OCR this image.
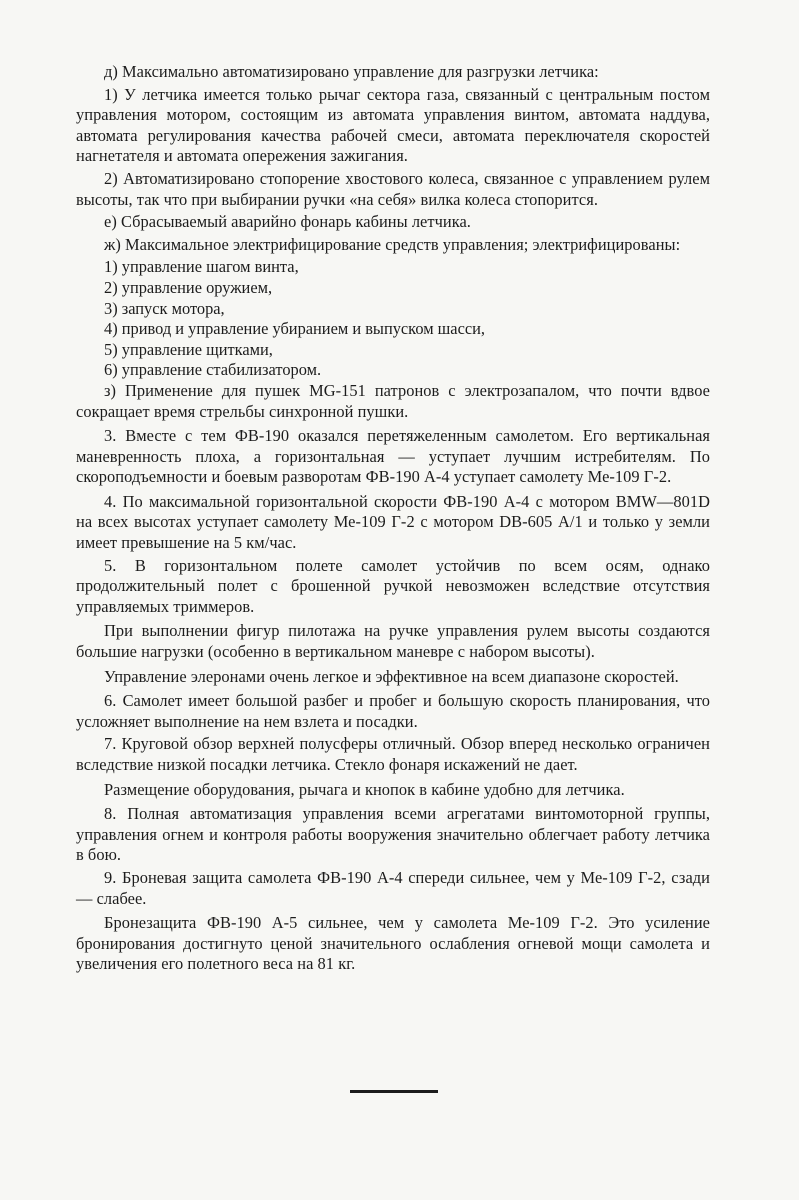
д) Максимально автоматизировано управление для разгрузки летчика:

1) У летчика имеется только рычаг сектора газа, связанный с центральным постом управления мотором, состоящим из автомата управления винтом, автомата наддува, автомата регулирования качества рабочей смеси, автомата переключателя скоростей нагнетателя и автомата опережения зажигания.

2) Автоматизировано стопорение хвостового колеса, связанное с управлением рулем высоты, так что при выбирании ручки «на себя» вилка колеса стопорится.

е) Сбрасываемый аварийно фонарь кабины летчика.

ж) Максимальное электрифицирование средств управления; электрифицированы:

1) управление шагом винта,

2) управление оружием,

3) запуск мотора,

4) привод и управление убиранием и выпуском шасси,

5) управление щитками,

6) управление стабилизатором.

з) Применение для пушек MG-151 патронов с электрозапалом, что почти вдвое сокращает время стрельбы синхронной пушки.

3. Вместе с тем ФВ-190 оказался перетяжеленным самолетом. Его вертикальная маневренность плоха, а горизонтальная — уступает лучшим истребителям. По скороподъемности и боевым разворотам ФВ-190 А-4 уступает самолету Ме-109 Г-2.

4. По максимальной горизонтальной скорости ФВ-190 А-4 с мотором BMW—801D на всех высотах уступает самолету Ме-109 Г-2 с мотором DB-605 А/1 и только у земли имеет превышение на 5 км/час.

5. В горизонтальном полете самолет устойчив по всем осям, однако продолжительный полет с брошенной ручкой невозможен вследствие отсутствия управляемых триммеров.

При выполнении фигур пилотажа на ручке управления рулем высоты создаются большие нагрузки (особенно в вертикальном маневре с набором высоты).

Управление элеронами очень легкое и эффективное на всем диапазоне скоростей.

6. Самолет имеет большой разбег и пробег и большую скорость планирования, что усложняет выполнение на нем взлета и посадки.

7. Круговой обзор верхней полусферы отличный. Обзор вперед несколько ограничен вследствие низкой посадки летчика. Стекло фонаря искажений не дает.

Размещение оборудования, рычага и кнопок в кабине удобно для летчика.

8. Полная автоматизация управления всеми агрегатами винтомоторной группы, управления огнем и контроля работы вооружения значительно облегчает работу летчика в бою.

9. Броневая защита самолета ФВ-190 А-4 спереди сильнее, чем у Ме-109 Г-2, сзади — слабее.

Бронезащита ФВ-190 А-5 сильнее, чем у самолета Ме-109 Г-2. Это усиление бронирования достигнуто ценой значительного ослабления огневой мощи самолета и увеличения его полетного веса на 81 кг.
